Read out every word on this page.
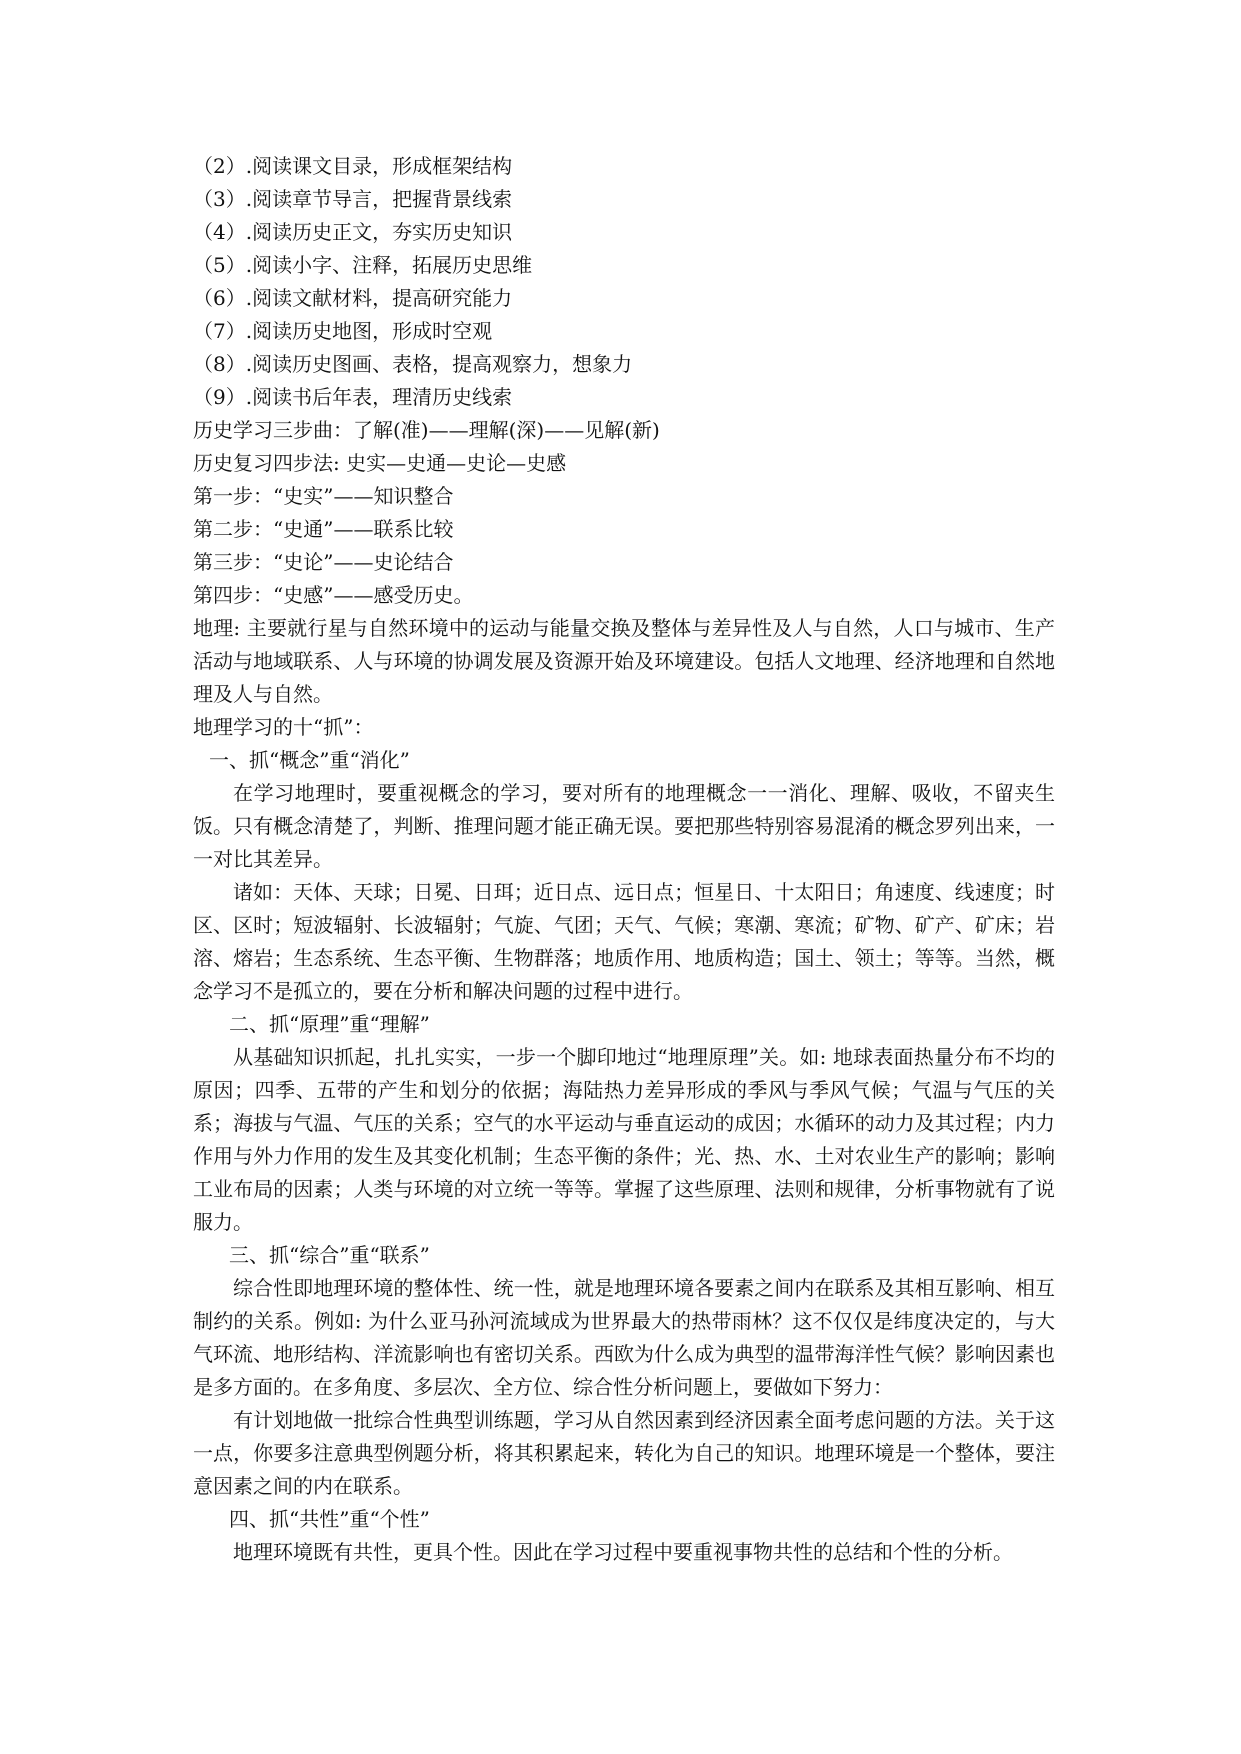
（2）.阅读课文目录，形成框架结构
（3）.阅读章节导言，把握背景线索
（4）.阅读历史正文，夯实历史知识
（5）.阅读小字、注释，拓展历史思维
（6）.阅读文献材料，提高研究能力
（7）.阅读历史地图，形成时空观
（8）.阅读历史图画、表格，提高观察力，想象力
（9）.阅读书后年表，理清历史线索
历史学习三步曲：了解(准)——理解(深)——见解(新)
历史复习四步法: 史实—史通—史论—史感
第一步：“史实”——知识整合
第二步：“史通”——联系比较
第三步：“史论”——史论结合
第四步：“史感”——感受历史。

地理: 主要就行星与自然环境中的运动与能量交换及整体与差异性及人与自然，人口与城市、生产活动与地域联系、人与环境的协调发展及资源开始及环境建设。包括人文地理、经济地理和自然地理及人与自然。

地理学习的十“抓”：
一、抓“概念”重“消化”

在学习地理时，要重视概念的学习，要对所有的地理概念一一消化、理解、吸收，不留夹生饭。只有概念清楚了，判断、推理问题才能正确无误。要把那些特别容易混淆的概念罗列出来，一一对比其差异。

诸如：天体、天球；日冕、日珥；近日点、远日点；恒星日、十太阳日；角速度、线速度；时区、区时；短波辐射、长波辐射；气旋、气团；天气、气候；寒潮、寒流；矿物、矿产、矿床；岩溶、熔岩；生态系统、生态平衡、生物群落；地质作用、地质构造；国土、领土；等等。当然，概念学习不是孤立的，要在分析和解决问题的过程中进行。

二、抓“原理”重“理解”

从基础知识抓起，扎扎实实，一步一个脚印地过“地理原理”关。如: 地球表面热量分布不均的原因；四季、五带的产生和划分的依据；海陆热力差异形成的季风与季风气候；气温与气压的关系；海拔与气温、气压的关系；空气的水平运动与垂直运动的成因；水循环的动力及其过程；内力作用与外力作用的发生及其变化机制；生态平衡的条件；光、热、水、土对农业生产的影响；影响工业布局的因素；人类与环境的对立统一等等。掌握了这些原理、法则和规律，分析事物就有了说服力。

三、抓“综合”重“联系”

综合性即地理环境的整体性、统一性，就是地理环境各要素之间内在联系及其相互影响、相互制约的关系。例如: 为什么亚马孙河流域成为世界最大的热带雨林？这不仅仅是纬度决定的，与大气环流、地形结构、洋流影响也有密切关系。西欧为什么成为典型的温带海洋性气候？影响因素也是多方面的。在多角度、多层次、全方位、综合性分析问题上，要做如下努力：

有计划地做一批综合性典型训练题，学习从自然因素到经济因素全面考虑问题的方法。关于这一点，你要多注意典型例题分析，将其积累起来，转化为自己的知识。地理环境是一个整体，要注意因素之间的内在联系。

四、抓“共性”重“个性”

地理环境既有共性，更具个性。因此在学习过程中要重视事物共性的总结和个性的分析。
